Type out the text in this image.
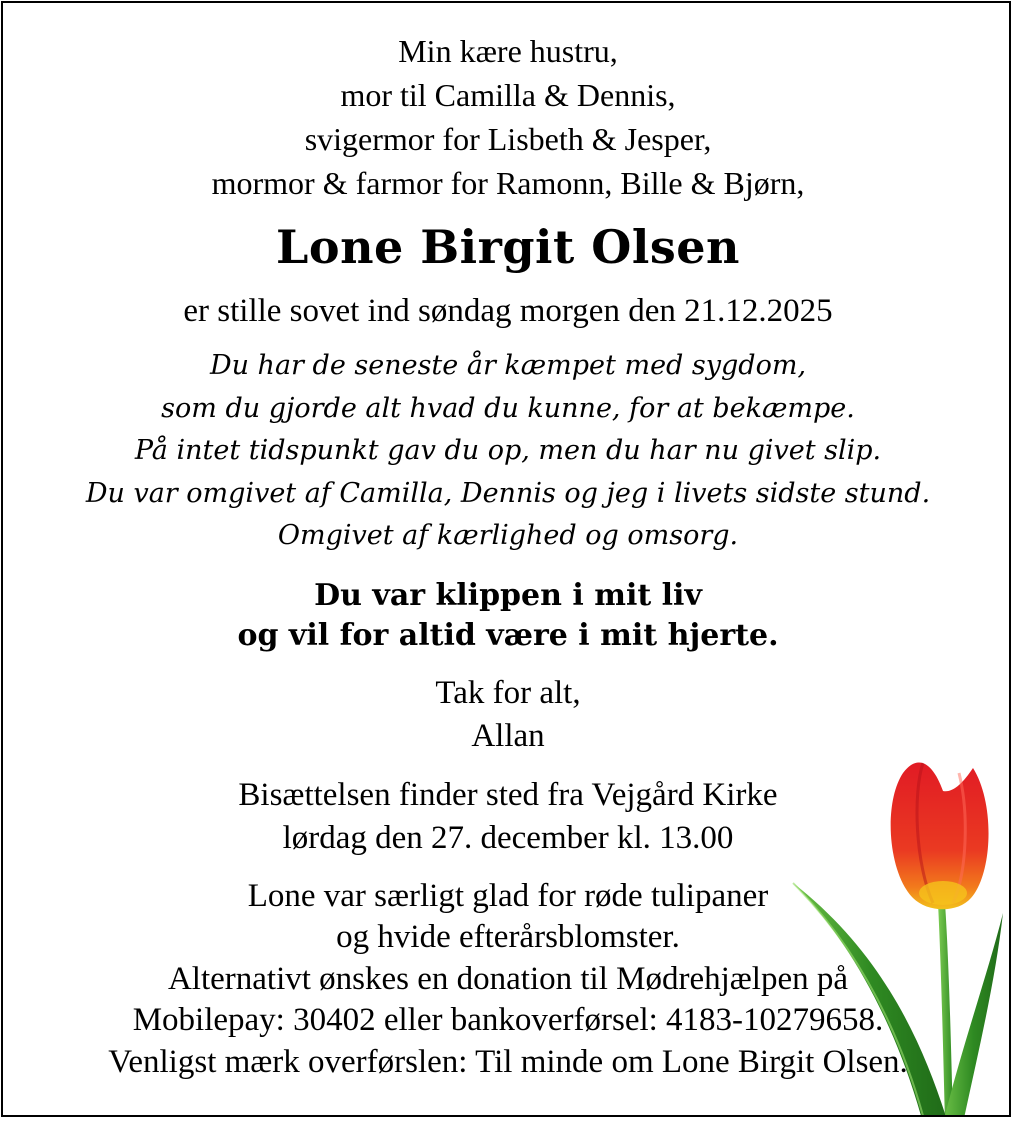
Min kære hustru,
mor til Camilla & Dennis,
svigermor for Lisbeth & Jesper,
mormor & farmor for Ramonn, Bille & Bjørn,
Lone Birgit Olsen
er stille sovet ind søndag morgen den 21.12.2025
Du har de seneste år kæmpet med sygdom,
som du gjorde alt hvad du kunne, for at bekæmpe.
På intet tidspunkt gav du op, men du har nu givet slip.
Du var omgivet af Camilla, Dennis og jeg i livets sidste stund.
Omgivet af kærlighed og omsorg.
Du var klippen i mit liv
og vil for altid være i mit hjerte.
Tak for alt,
Allan
Bisættelsen finder sted fra Vejgård Kirke
lørdag den 27. december kl. 13.00
Lone var særligt glad for røde tulipaner
og hvide efterårsblomster.
Alternativt ønskes en donation til Mødrehjælpen på
Mobilepay: 30402 eller bankoverførsel: 4183-10279658.
Venligst mærk overførslen: Til minde om Lone Birgit Olsen.
